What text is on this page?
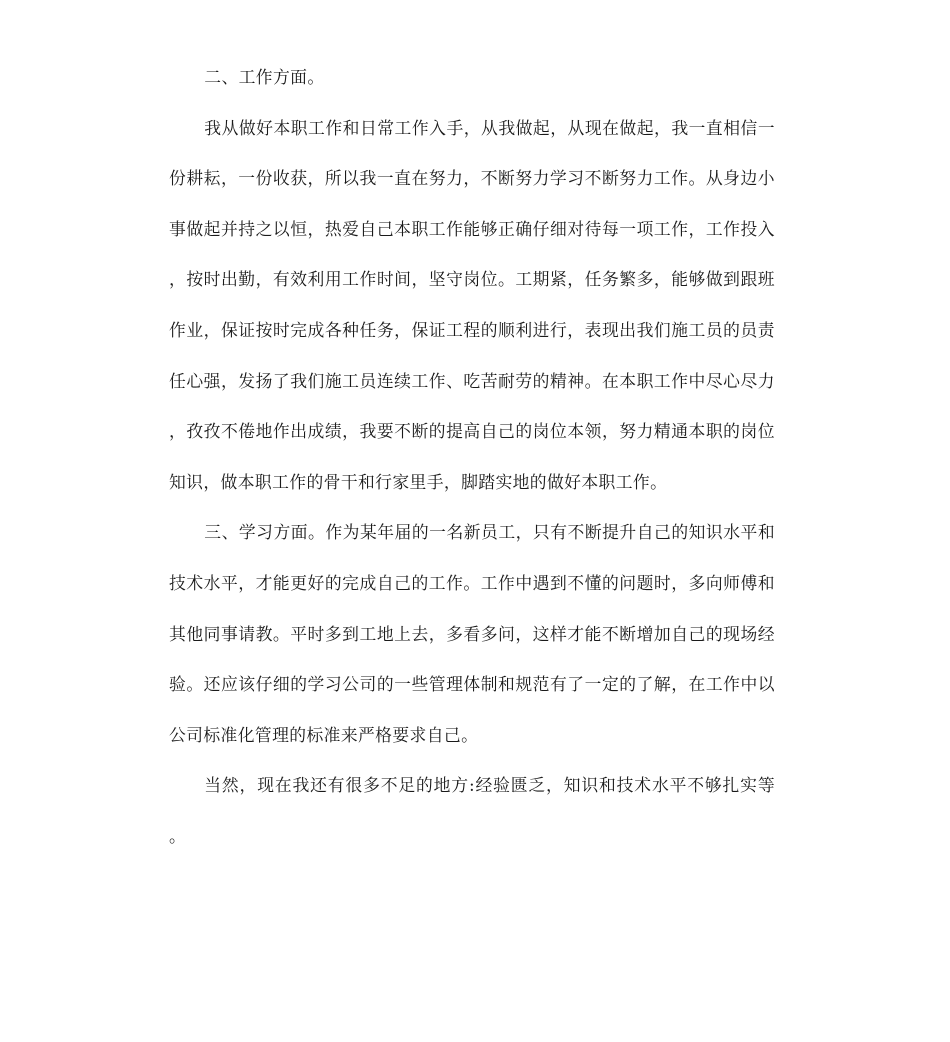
二、工作方面。

我从做好本职工作和日常工作入手，从我做起，从现在做起，我一直相信一份耕耘，一份收获，所以我一直在努力，不断努力学习不断努力工作。从身边小事做起并持之以恒，热爱自己本职工作能够正确仔细对待每一项工作，工作投入，按时出勤，有效利用工作时间，坚守岗位。工期紧，任务繁多，能够做到跟班作业，保证按时完成各种任务，保证工程的顺利进行，表现出我们施工员的员责任心强，发扬了我们施工员连续工作、吃苦耐劳的精神。在本职工作中尽心尽力，孜孜不倦地作出成绩，我要不断的提高自己的岗位本领，努力精通本职的岗位知识，做本职工作的骨干和行家里手，脚踏实地的做好本职工作。

三、学习方面。作为某年届的一名新员工，只有不断提升自己的知识水平和技术水平，才能更好的完成自己的工作。工作中遇到不懂的问题时，多向师傅和其他同事请教。平时多到工地上去，多看多问，这样才能不断增加自己的现场经验。还应该仔细的学习公司的一些管理体制和规范有了一定的了解，在工作中以公司标准化管理的标准来严格要求自己。

当然，现在我还有很多不足的地方:经验匮乏，知识和技术水平不够扎实等。
